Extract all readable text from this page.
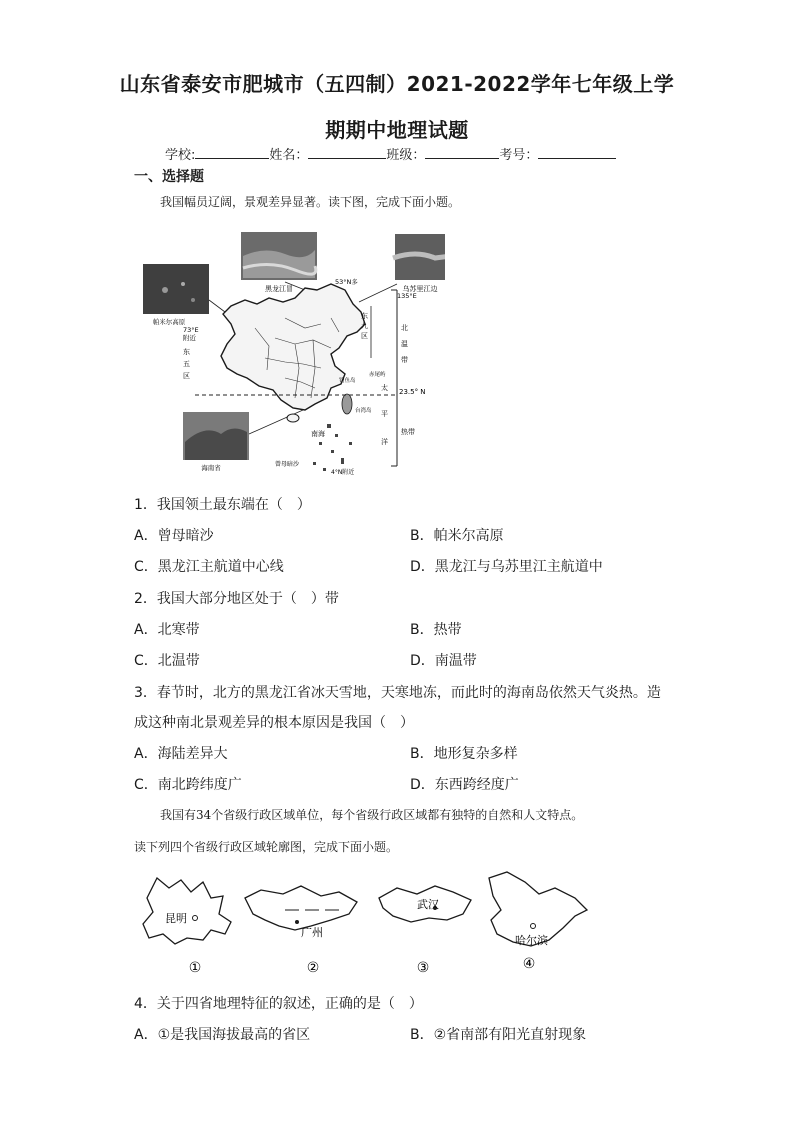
山东省泰安市肥城市（五四制）2021-2022学年七年级上学
期期中地理试题
学校:	姓名：	班级：	考号：
一、选择题
我国幅员辽阔，景观差异显著。读下图，完成下面小题。
黑龙江冒	乌苏里江边
帕米尔高原
海南省
53°N多
135°E
73°E
附近
东
九
区
东
五
区
北
温
带
23.5° N
赤尾屿
钓鱼岛
台湾岛
太
平
洋
热带
南海
曾母暗沙
4°N附近
1．我国领土最东端在（　）
A．曾母暗沙	B．帕米尔高原
C．黑龙江主航道中心线	D．黑龙江与乌苏里江主航道中
2．我国大部分地区处于（　）带
A．北寒带	B．热带
C．北温带	D．南温带
3．春节时，北方的黑龙江省冰天雪地，天寒地冻，而此时的海南岛依然天气炎热。造
成这种南北景观差异的根本原因是我国（　）
A．海陆差异大	B．地形复杂多样
C．南北跨纬度广	D．东西跨经度广
我国有34个省级行政区域单位，每个省级行政区域都有独特的自然和人文特点。
读下列四个省级行政区域轮廓图，完成下面小题。
昆明
①
广州
②
武汉
③
哈尔滨
④
4．关于四省地理特征的叙述，正确的是（　）
A．①是我国海拔最高的省区	B．②省南部有阳光直射现象
